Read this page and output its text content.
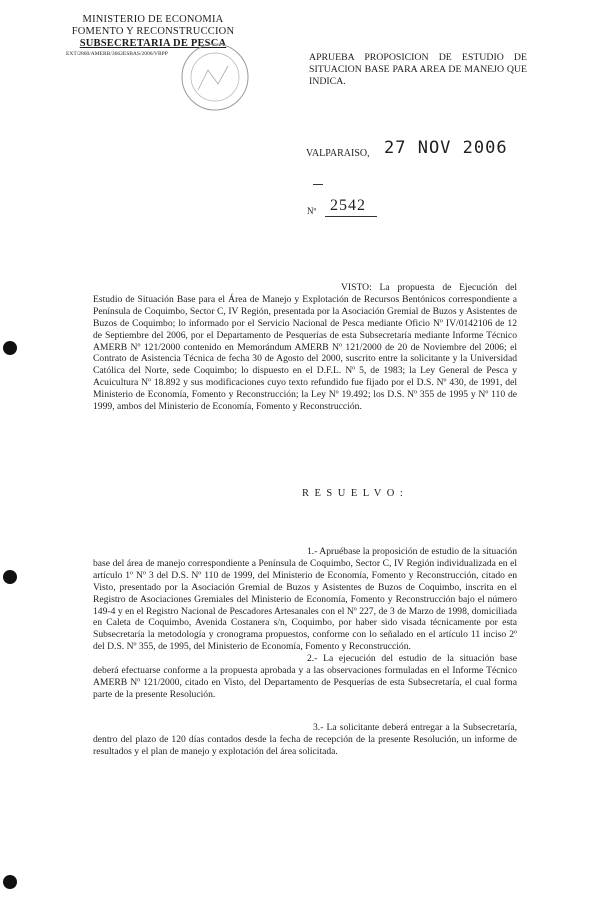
MINISTERIO DE ECONOMIA
FOMENTO Y RECONSTRUCCION
SUBSECRETARIA DE PESCA
EXT/2860/AMERB/3662ESBAS/2006/VRPP	APRUEBA PROPOSICION DE ESTUDIO DE SITUACION BASE PARA AREA DE MANEJO QUE INDICA.
VALPARAISO, 27 NOV 2006
Nº 2542
VISTO: La propuesta de Ejecución del Estudio de Situación Base para el Área de Manejo y Explotación de Recursos Bentónicos correspondiente a Península de Coquimbo, Sector C, IV Región, presentada por la Asociación Gremial de Buzos y Asistentes de Buzos de Coquimbo; lo informado por el Servicio Nacional de Pesca mediante Oficio Nº IV/0142106 de 12 de Septiembre del 2006, por el Departamento de Pesquerías de esta Subsecretaría mediante Informe Técnico AMERB Nº 121/2000 contenido en Memorándum AMERB Nº 121/2000 de 20 de Noviembre del 2006; el Contrato de Asistencia Técnica de fecha 30 de Agosto del 2000, suscrito entre la solicitante y la Universidad Católica del Norte, sede Coquimbo; lo dispuesto en el D.F.L. Nº 5, de 1983; la Ley General de Pesca y Acuicultura Nº 18.892 y sus modificaciones cuyo texto refundido fue fijado por el D.S. Nº 430, de 1991, del Ministerio de Economía, Fomento y Reconstrucción; la Ley Nº 19.492; los D.S. Nº 355 de 1995 y Nº 110 de 1999, ambos del Ministerio de Economía, Fomento y Reconstrucción.
RESUELVO:
1.- Apruébase la proposición de estudio de la situación base del área de manejo correspondiente a Península de Coquimbo, Sector C, IV Región individualizada en el artículo 1º Nº 3 del D.S. Nº 110 de 1999, del Ministerio de Economía, Fomento y Reconstrucción, citado en Visto, presentado por la Asociación Gremial de Buzos y Asistentes de Buzos de Coquimbo, inscrita en el Registro de Asociaciones Gremiales del Ministerio de Economía, Fomento y Reconstrucción bajo el número 149-4 y en el Registro Nacional de Pescadores Artesanales con el Nº 227, de 3 de Marzo de 1998, domiciliada en Caleta de Coquimbo, Avenida Costanera s/n, Coquimbo, por haber sido visada técnicamente por esta Subsecretaría la metodología y cronograma propuestos, conforme con lo señalado en el artículo 11 inciso 2º del D.S. Nº 355, de 1995, del Ministerio de Economía, Fomento y Reconstrucción.
2.- La ejecución del estudio de la situación base deberá efectuarse conforme a la propuesta aprobada y a las observaciones formuladas en el Informe Técnico AMERB Nº 121/2000, citado en Visto, del Departamento de Pesquerías de esta Subsecretaría, el cual forma parte de la presente Resolución.
3.- La solicitante deberá entregar a la Subsecretaría, dentro del plazo de 120 días contados desde la fecha de recepción de la presente Resolución, un informe de resultados y el plan de manejo y explotación del área solicitada.
